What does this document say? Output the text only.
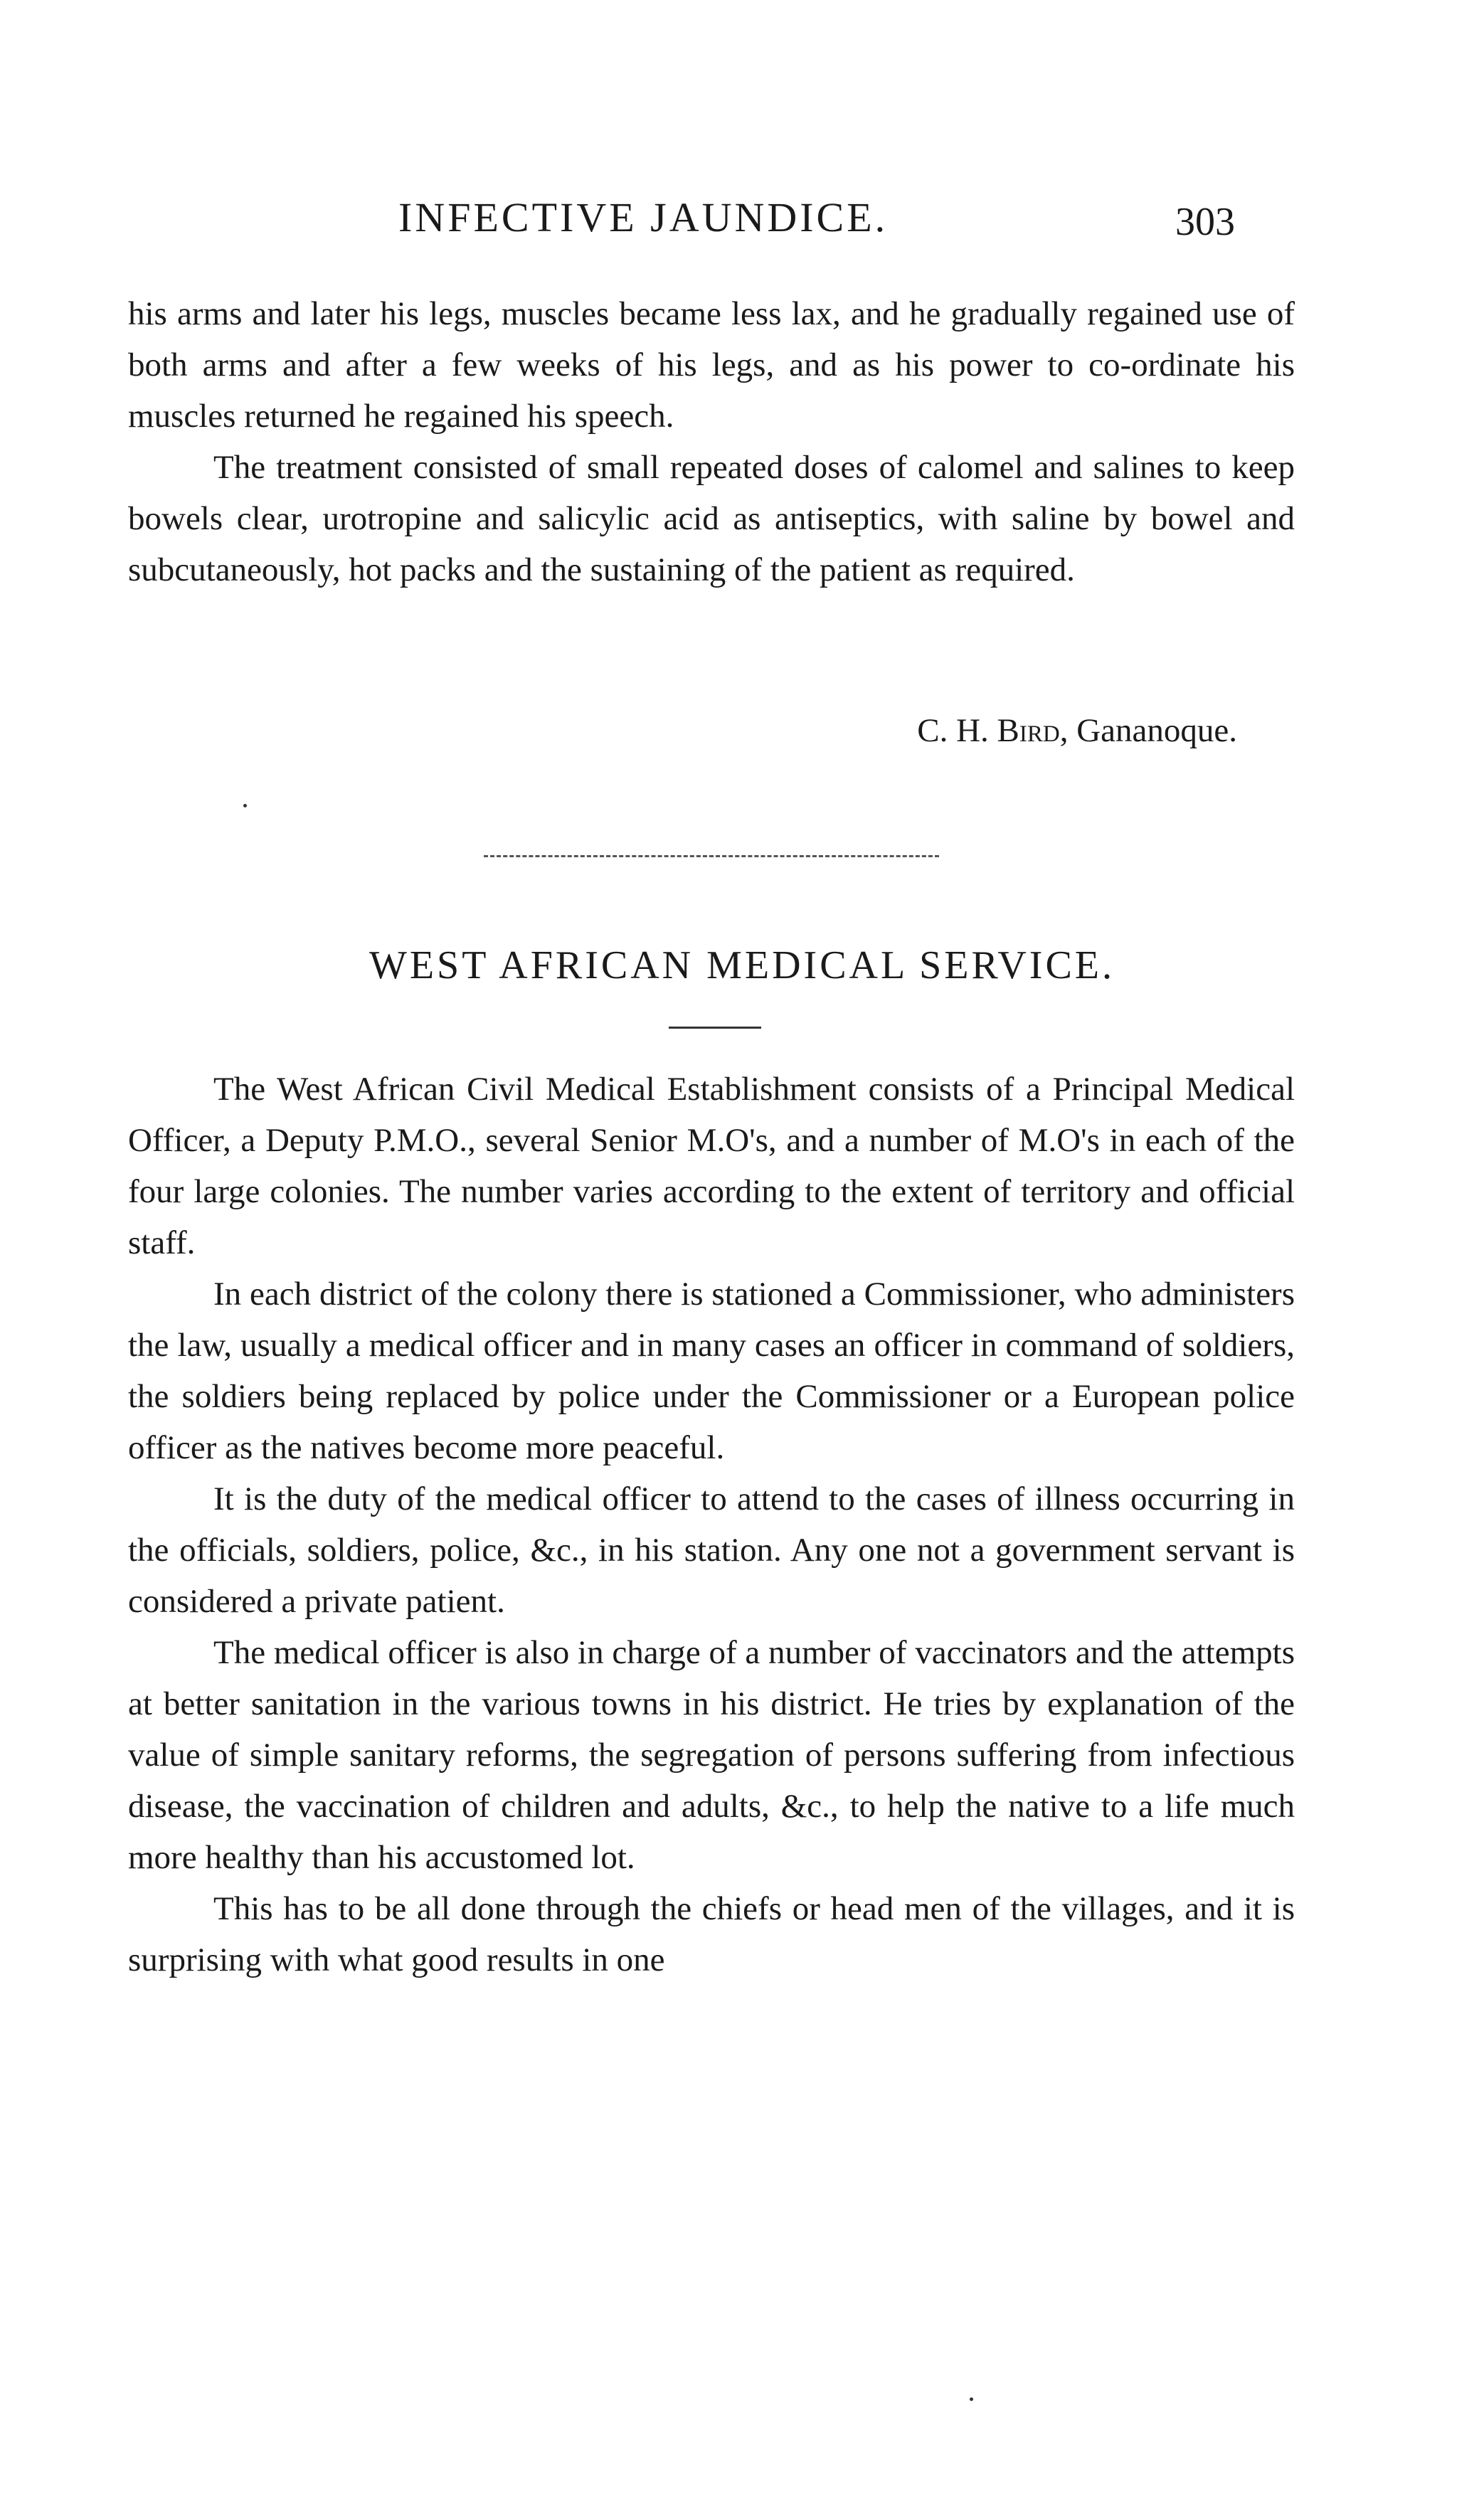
INFECTIVE JAUNDICE.	303

his arms and later his legs, muscles became less lax, and he gradually regained use of both arms and after a few weeks of his legs, and as his power to co-ordinate his muscles returned he regained his speech.

The treatment consisted of small repeated doses of calomel and salines to keep bowels clear, urotropine and salicylic acid as antiseptics, with saline by bowel and subcutaneously, hot packs and the sustaining of the patient as required.

C. H. Bird, Gananoque.
WEST AFRICAN MEDICAL SERVICE.

The West African Civil Medical Establishment consists of a Principal Medical Officer, a Deputy P.M.O., several Senior M.O's, and a number of M.O's in each of the four large colonies. The number varies according to the extent of territory and official staff.

In each district of the colony there is stationed a Commissioner, who administers the law, usually a medical officer and in many cases an officer in command of soldiers, the soldiers being replaced by police under the Commissioner or a European police officer as the natives become more peaceful.

It is the duty of the medical officer to attend to the cases of illness occurring in the officials, soldiers, police, &c., in his station. Any one not a government servant is considered a private patient.

The medical officer is also in charge of a number of vaccinators and the attempts at better sanitation in the various towns in his district. He tries by explanation of the value of simple sanitary reforms, the segregation of persons suffering from infectious disease, the vaccination of children and adults, &c., to help the native to a life much more healthy than his accustomed lot.

This has to be all done through the chiefs or head men of the villages, and it is surprising with what good results in one
